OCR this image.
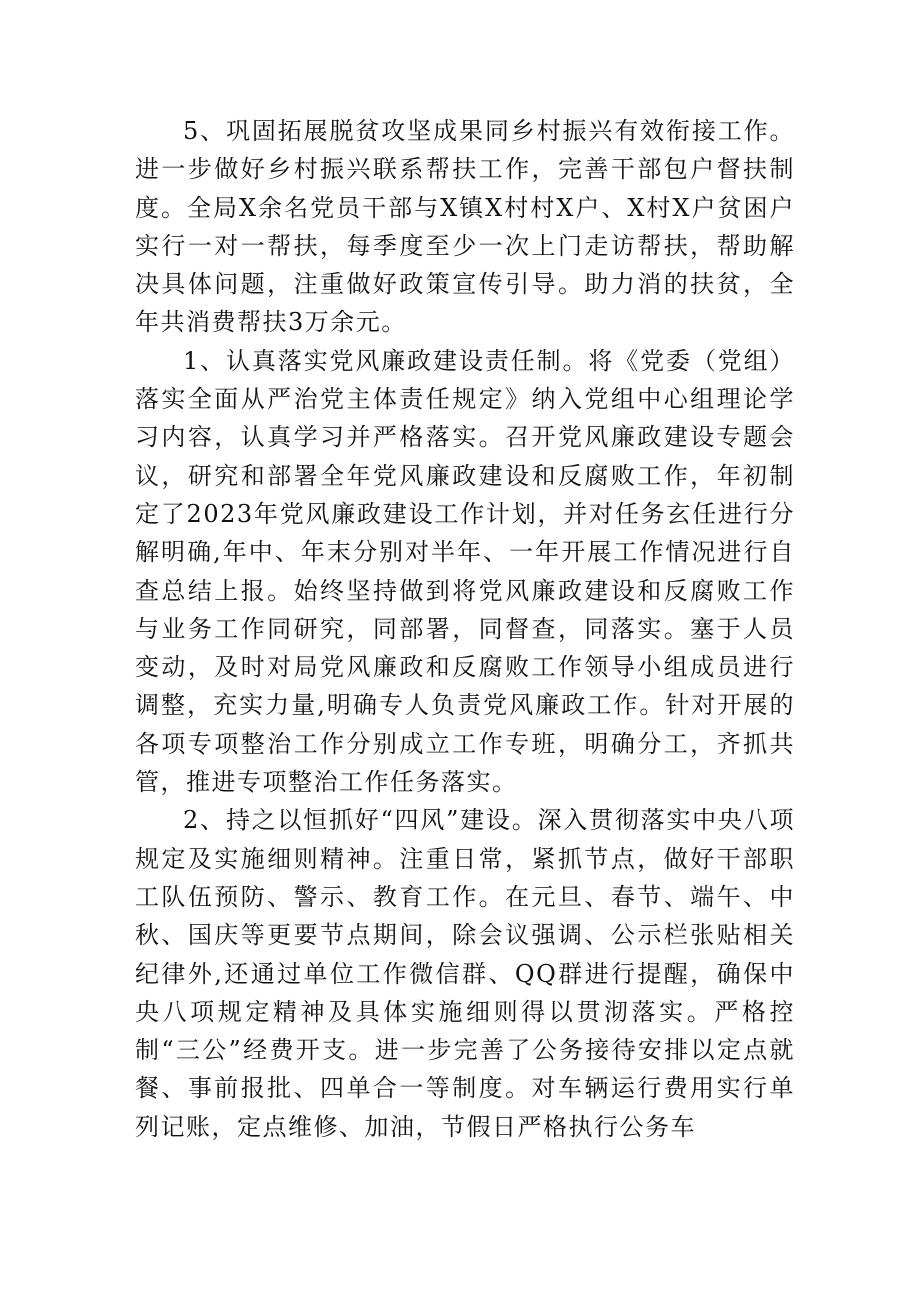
5、巩固拓展脱贫攻坚成果同乡村振兴有效衔接工作。进一步做好乡村振兴联系帮扶工作，完善干部包户督扶制度。全局X余名党员干部与X镇X村村X户、X村X户贫困户实行一对一帮扶，每季度至少一次上门走访帮扶，帮助解决具体问题，注重做好政策宣传引导。助力消的扶贫，全年共消费帮扶3万余元。

1、认真落实党风廉政建设责任制。将《党委（党组）落实全面从严治党主体责任规定》纳入党组中心组理论学习内容，认真学习并严格落实。召开党风廉政建设专题会议，研究和部署全年党风廉政建设和反腐败工作，年初制定了2023年党风廉政建设工作计划，并对任务玄任进行分解明确,年中、年末分别对半年、一年开展工作情况进行自查总结上报。始终坚持做到将党风廉政建设和反腐败工作与业务工作同研究，同部署，同督查，同落实。塞于人员变动，及时对局党风廉政和反腐败工作领导小组成员进行调整，充实力量,明确专人负责党风廉政工作。针对开展的各项专项整治工作分别成立工作专班，明确分工，齐抓共管，推进专项整治工作任务落实。

2、持之以恒抓好“四风”建设。深入贯彻落实中央八项规定及实施细则精神。注重日常，紧抓节点，做好干部职工队伍预防、警示、教育工作。在元旦、春节、端午、中秋、国庆等更要节点期间，除会议强调、公示栏张贴相关纪律外,还通过单位工作微信群、QQ群进行提醒，确保中央八项规定精神及具体实施细则得以贯沏落实。严格控制“三公”经费开支。进一步完善了公务接待安排以定点就餐、事前报批、四单合一等制度。对车辆运行费用实行单列记账，定点维修、加油，节假日严格执行公务车
